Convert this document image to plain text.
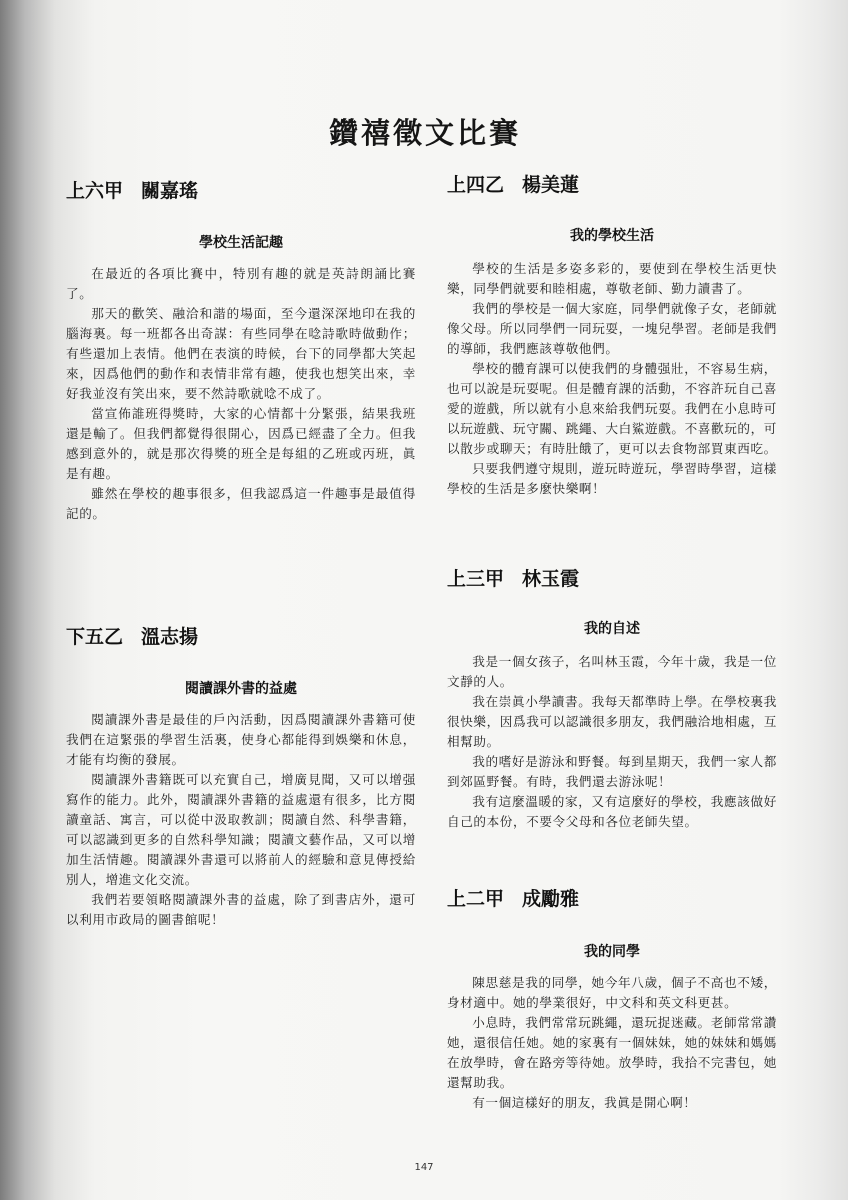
鑽禧徵文比賽
上六甲 關嘉瑤
學校生活記趣

在最近的各項比賽中，特別有趣的就是英詩朗誦比賽了。

那天的歡笑、融洽和諧的場面，至今還深深地印在我的腦海裏。每一班都各出奇謀：有些同學在唸詩歌時做動作；有些還加上表情。他們在表演的時候，台下的同學都大笑起來，因爲他們的動作和表情非常有趣，使我也想笑出來，幸好我並沒有笑出來，要不然詩歌就唸不成了。

當宣佈誰班得獎時，大家的心情都十分緊張，結果我班還是輸了。但我們都覺得很開心，因爲已經盡了全力。但我感到意外的，就是那次得獎的班全是每組的乙班或丙班，眞是有趣。

雖然在學校的趣事很多，但我認爲這一件趣事是最值得記的。

下五乙 溫志揚
閱讀課外書的益處

閱讀課外書是最佳的戶內活動，因爲閱讀課外書籍可使我們在這緊張的學習生活裏，使身心都能得到娛樂和休息，才能有均衡的發展。

閱讀課外書籍既可以充實自己，增廣見聞，又可以增强寫作的能力。此外，閱讀課外書籍的益處還有很多，比方閱讀童話、寓言，可以從中汲取教訓；閱讀自然、科學書籍，可以認識到更多的自然科學知識；閱讀文藝作品，又可以增加生活情趣。閱讀課外書還可以將前人的經驗和意見傳授給別人，增進文化交流。

我們若要領略閱讀課外書的益處，除了到書店外，還可以利用市政局的圖書館呢！

上四乙 楊美蓮
我的學校生活

學校的生活是多姿多彩的，要使到在學校生活更快樂，同學們就要和睦相處，尊敬老師、勤力讀書了。

我們的學校是一個大家庭，同學們就像子女，老師就像父母。所以同學們一同玩耍，一塊兒學習。老師是我們的導師，我們應該尊敬他們。

學校的體育課可以使我們的身體强壯，不容易生病，也可以說是玩耍呢。但是體育課的活動，不容許玩自己喜愛的遊戲，所以就有小息來給我們玩耍。我們在小息時可以玩遊戲、玩守關、跳繩、大白鯊遊戲。不喜歡玩的，可以散步或聊天；有時肚餓了，更可以去食物部買東西吃。

只要我們遵守規則，遊玩時遊玩，學習時學習，這樣學校的生活是多麼快樂啊！

上三甲 林玉霞
我的自述

我是一個女孩子，名叫林玉霞，今年十歲，我是一位文靜的人。

我在崇眞小學讀書。我每天都準時上學。在學校裏我很快樂，因爲我可以認識很多朋友，我們融洽地相處，互相幫助。

我的嗜好是游泳和野餐。每到星期天，我們一家人都到郊區野餐。有時，我們還去游泳呢！

我有這麼溫暖的家，又有這麼好的學校，我應該做好自己的本份，不要令父母和各位老師失望。

上二甲 成勵雅
我的同學

陳思慈是我的同學，她今年八歲，個子不高也不矮，身材適中。她的學業很好，中文科和英文科更甚。

小息時，我們常常玩跳繩，還玩捉迷藏。老師常常讚她，還很信任她。她的家裏有一個妹妹，她的妹妹和媽媽在放學時，會在路旁等待她。放學時，我拾不完書包，她還幫助我。

有一個這樣好的朋友，我眞是開心啊！

147
